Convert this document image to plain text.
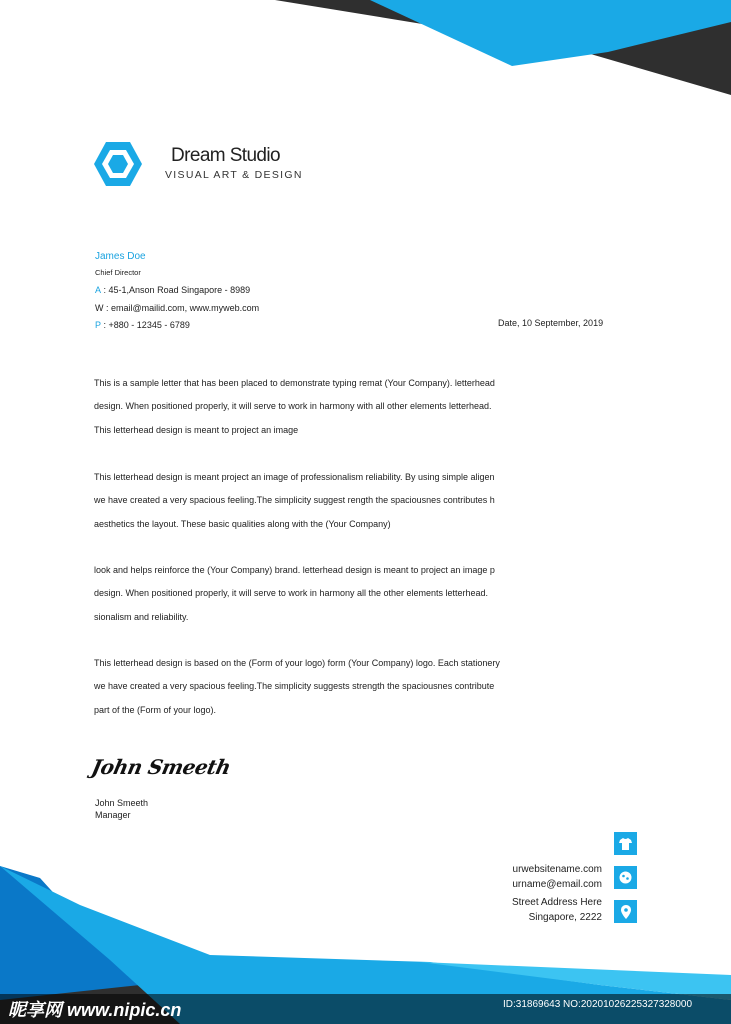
Dream Studio
VISUAL ART & DESIGN
James Doe
Chief Director
A : 45-1,Anson Road Singapore - 8989
W : email@mailid.com, www.myweb.com
P : +880 - 12345 - 6789	Date, 10 September, 2019
This is a sample letter that has been placed to demonstrate typing remat (Your Company). letterhead
design. When positioned properly, it will serve to work in harmony with all other elements letterhead.
This letterhead design is meant to project an image
This letterhead design is meant project an image of professionalism reliability. By using simple aligen
we have created a very spacious feeling.The simplicity suggest rength the spaciousnes contributes h
aesthetics the layout. These basic qualities along with the (Your Company)
look and helps reinforce the (Your Company) brand. letterhead design is meant to project an image p
design. When positioned properly, it will serve to work in harmony all the other elements letterhead.
sionalism and reliability.
This letterhead design is based on the (Form of your logo) form (Your Company) logo. Each stationery
we have created a very spacious feeling.The simplicity suggests strength the spaciousnes contribute
part of the (Form of your logo).
John Smeeth
John Smeeth
Manager
urwebsitename.com
urname@email.com
Street Address Here
Singapore, 2222
昵享网 www.nipic.cn	ID:31869643 NO:20201026225327328000
